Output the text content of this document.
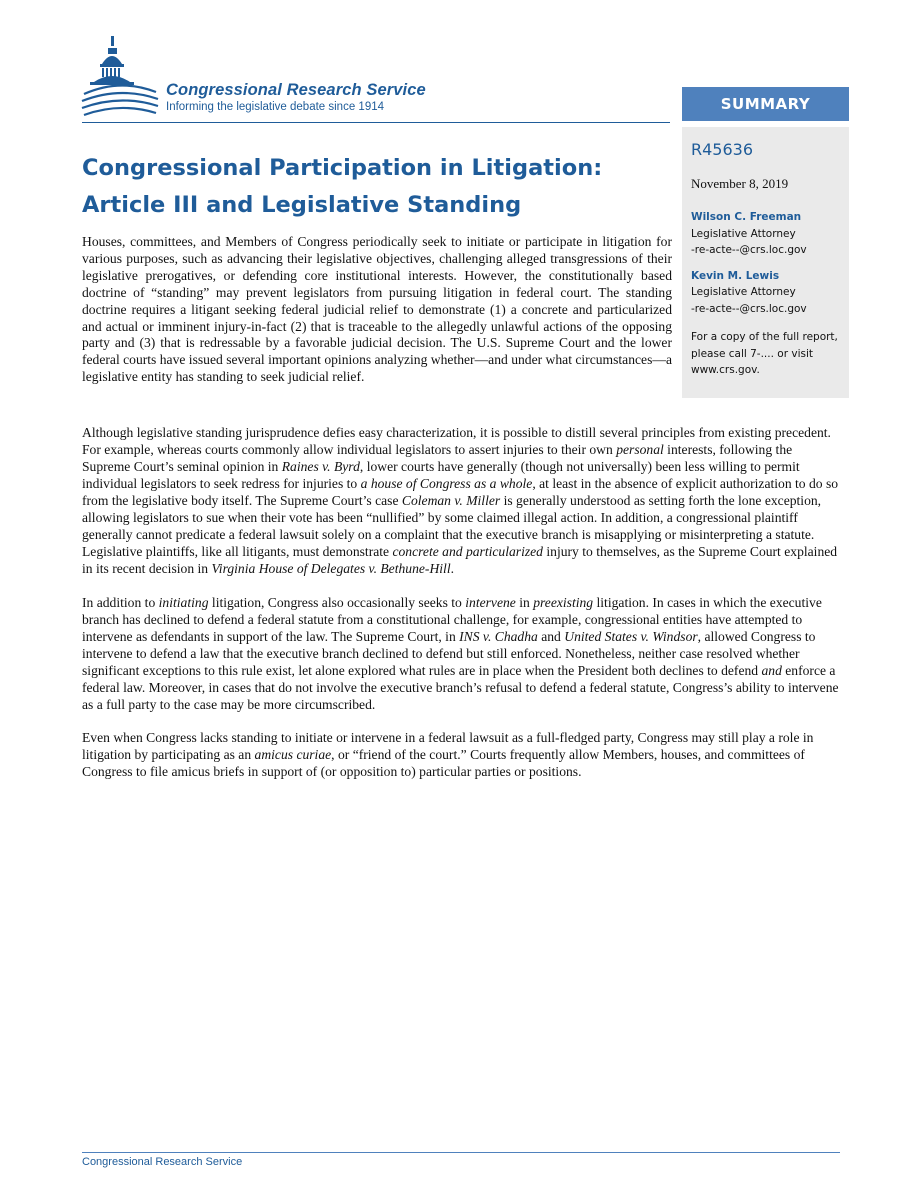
Congressional Research Service
Informing the legislative debate since 1914	SUMMARY
R45636
November 8, 2019
Wilson C. Freeman
Legislative Attorney
-re-acte--@crs.loc.gov
Kevin M. Lewis
Legislative Attorney
-re-acte--@crs.loc.gov
For a copy of the full report, please call 7-.... or visit www.crs.gov.
Congressional Participation in Litigation:
Article III and Legislative Standing

Houses, committees, and Members of Congress periodically seek to initiate or participate in litigation for various purposes, such as advancing their legislative objectives, challenging alleged transgressions of their legislative prerogatives, or defending core institutional interests. However, the constitutionally based doctrine of “standing” may prevent legislators from pursuing litigation in federal court. The standing doctrine requires a litigant seeking federal judicial relief to demonstrate (1) a concrete and particularized and actual or imminent injury-in-fact (2) that is traceable to the allegedly unlawful actions of the opposing party and (3) that is redressable by a favorable judicial decision. The U.S. Supreme Court and the lower federal courts have issued several important opinions analyzing whether—and under what circumstances—a legislative entity has standing to seek judicial relief.

Although legislative standing jurisprudence defies easy characterization, it is possible to distill several principles from existing precedent. For example, whereas courts commonly allow individual legislators to assert injuries to their own personal interests, following the Supreme Court’s seminal opinion in Raines v. Byrd, lower courts have generally (though not universally) been less willing to permit individual legislators to seek redress for injuries to a house of Congress as a whole, at least in the absence of explicit authorization to do so from the legislative body itself. The Supreme Court’s case Coleman v. Miller is generally understood as setting forth the lone exception, allowing legislators to sue when their vote has been “nullified” by some claimed illegal action. In addition, a congressional plaintiff generally cannot predicate a federal lawsuit solely on a complaint that the executive branch is misapplying or misinterpreting a statute. Legislative plaintiffs, like all litigants, must demonstrate concrete and particularized injury to themselves, as the Supreme Court explained in its recent decision in Virginia House of Delegates v. Bethune-Hill.

In addition to initiating litigation, Congress also occasionally seeks to intervene in preexisting litigation. In cases in which the executive branch has declined to defend a federal statute from a constitutional challenge, for example, congressional entities have attempted to intervene as defendants in support of the law. The Supreme Court, in INS v. Chadha and United States v. Windsor, allowed Congress to intervene to defend a law that the executive branch declined to defend but still enforced. Nonetheless, neither case resolved whether significant exceptions to this rule exist, let alone explored what rules are in place when the President both declines to defend and enforce a federal law. Moreover, in cases that do not involve the executive branch’s refusal to defend a federal statute, Congress’s ability to intervene as a full party to the case may be more circumscribed.

Even when Congress lacks standing to initiate or intervene in a federal lawsuit as a full-fledged party, Congress may still play a role in litigation by participating as an amicus curiae, or “friend of the court.” Courts frequently allow Members, houses, and committees of Congress to file amicus briefs in support of (or opposition to) particular parties or positions.

Congressional Research Service
